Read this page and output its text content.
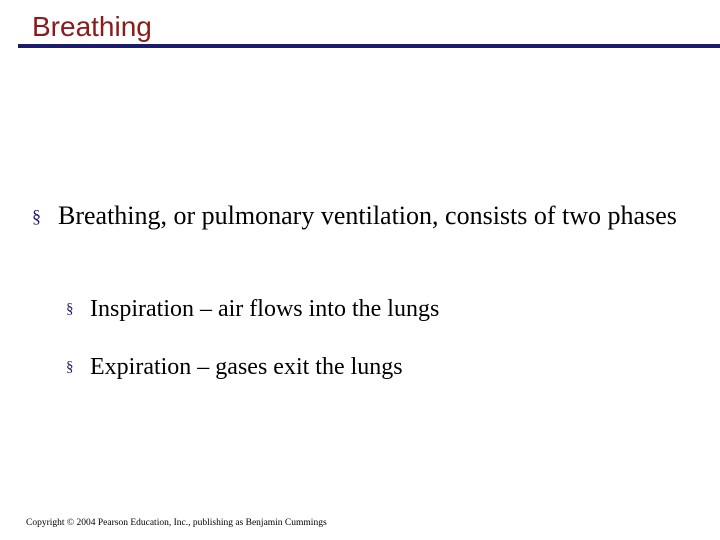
Breathing
§ Breathing, or pulmonary ventilation, consists of two phases
§ Inspiration – air flows into the lungs
§ Expiration – gases exit the lungs
Copyright © 2004 Pearson Education, Inc., publishing as Benjamin Cummings
